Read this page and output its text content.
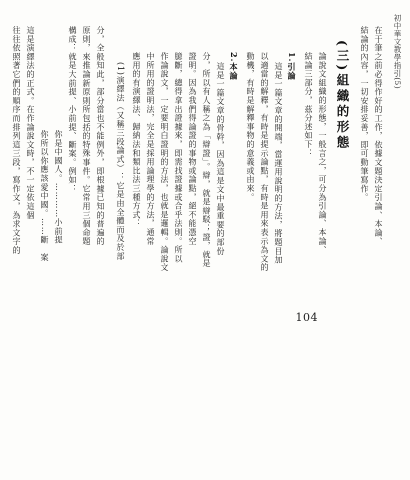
初中華文教學指引(5)
104
在于筆之前必得作好的工作，依據文題決定引論、本論、
結論的內容，一切安排妥善，即可動筆寫作。
(三)組織的形態
論說文組織的形態，一般言之，可分為引論、本論、
結論三部分，茲分述如下：
1.引論
這是一篇文章的開端，當運用說明的方法，將題目加
以適當的解釋，有時是提示論點，有時是用來表示為文的
動機，有時是解釋事物的意義或由來。
2.本論
這是一篇文章的骨幹，因為這是文中最重要的部份
分，所以有人稱之為「辯證」。辯，就是辯駁；證，就是
證明。因為我們得論證的事物或論點，絕不能憑空
臆斷，總得拿出證據來，即需找證據或合乎法則。所以
作論說文，一定要明白證明的方法，也就是邏輯。論說文
中所用的證明法，完全是採用論理學的方法，通常
應用的有演繹法、歸納法和類比法三種方式：
(1)演繹法（又稱三段論式）：它是由全體而及於部
分，全般知此，部分當也不能例外，即根據已知的普遍的
原則，來推論新原則所包括的特殊事件。它常用三個命題
構成：就是大前提、小前提、斷案。例如：
你是中國人。…………小前提
你所以你應該愛中國。……斷　案
這是演繹法的正式。在作論說文時，不一定依這個
往往依照著它們的順序而排列這三段，寫作文，為求文字的
